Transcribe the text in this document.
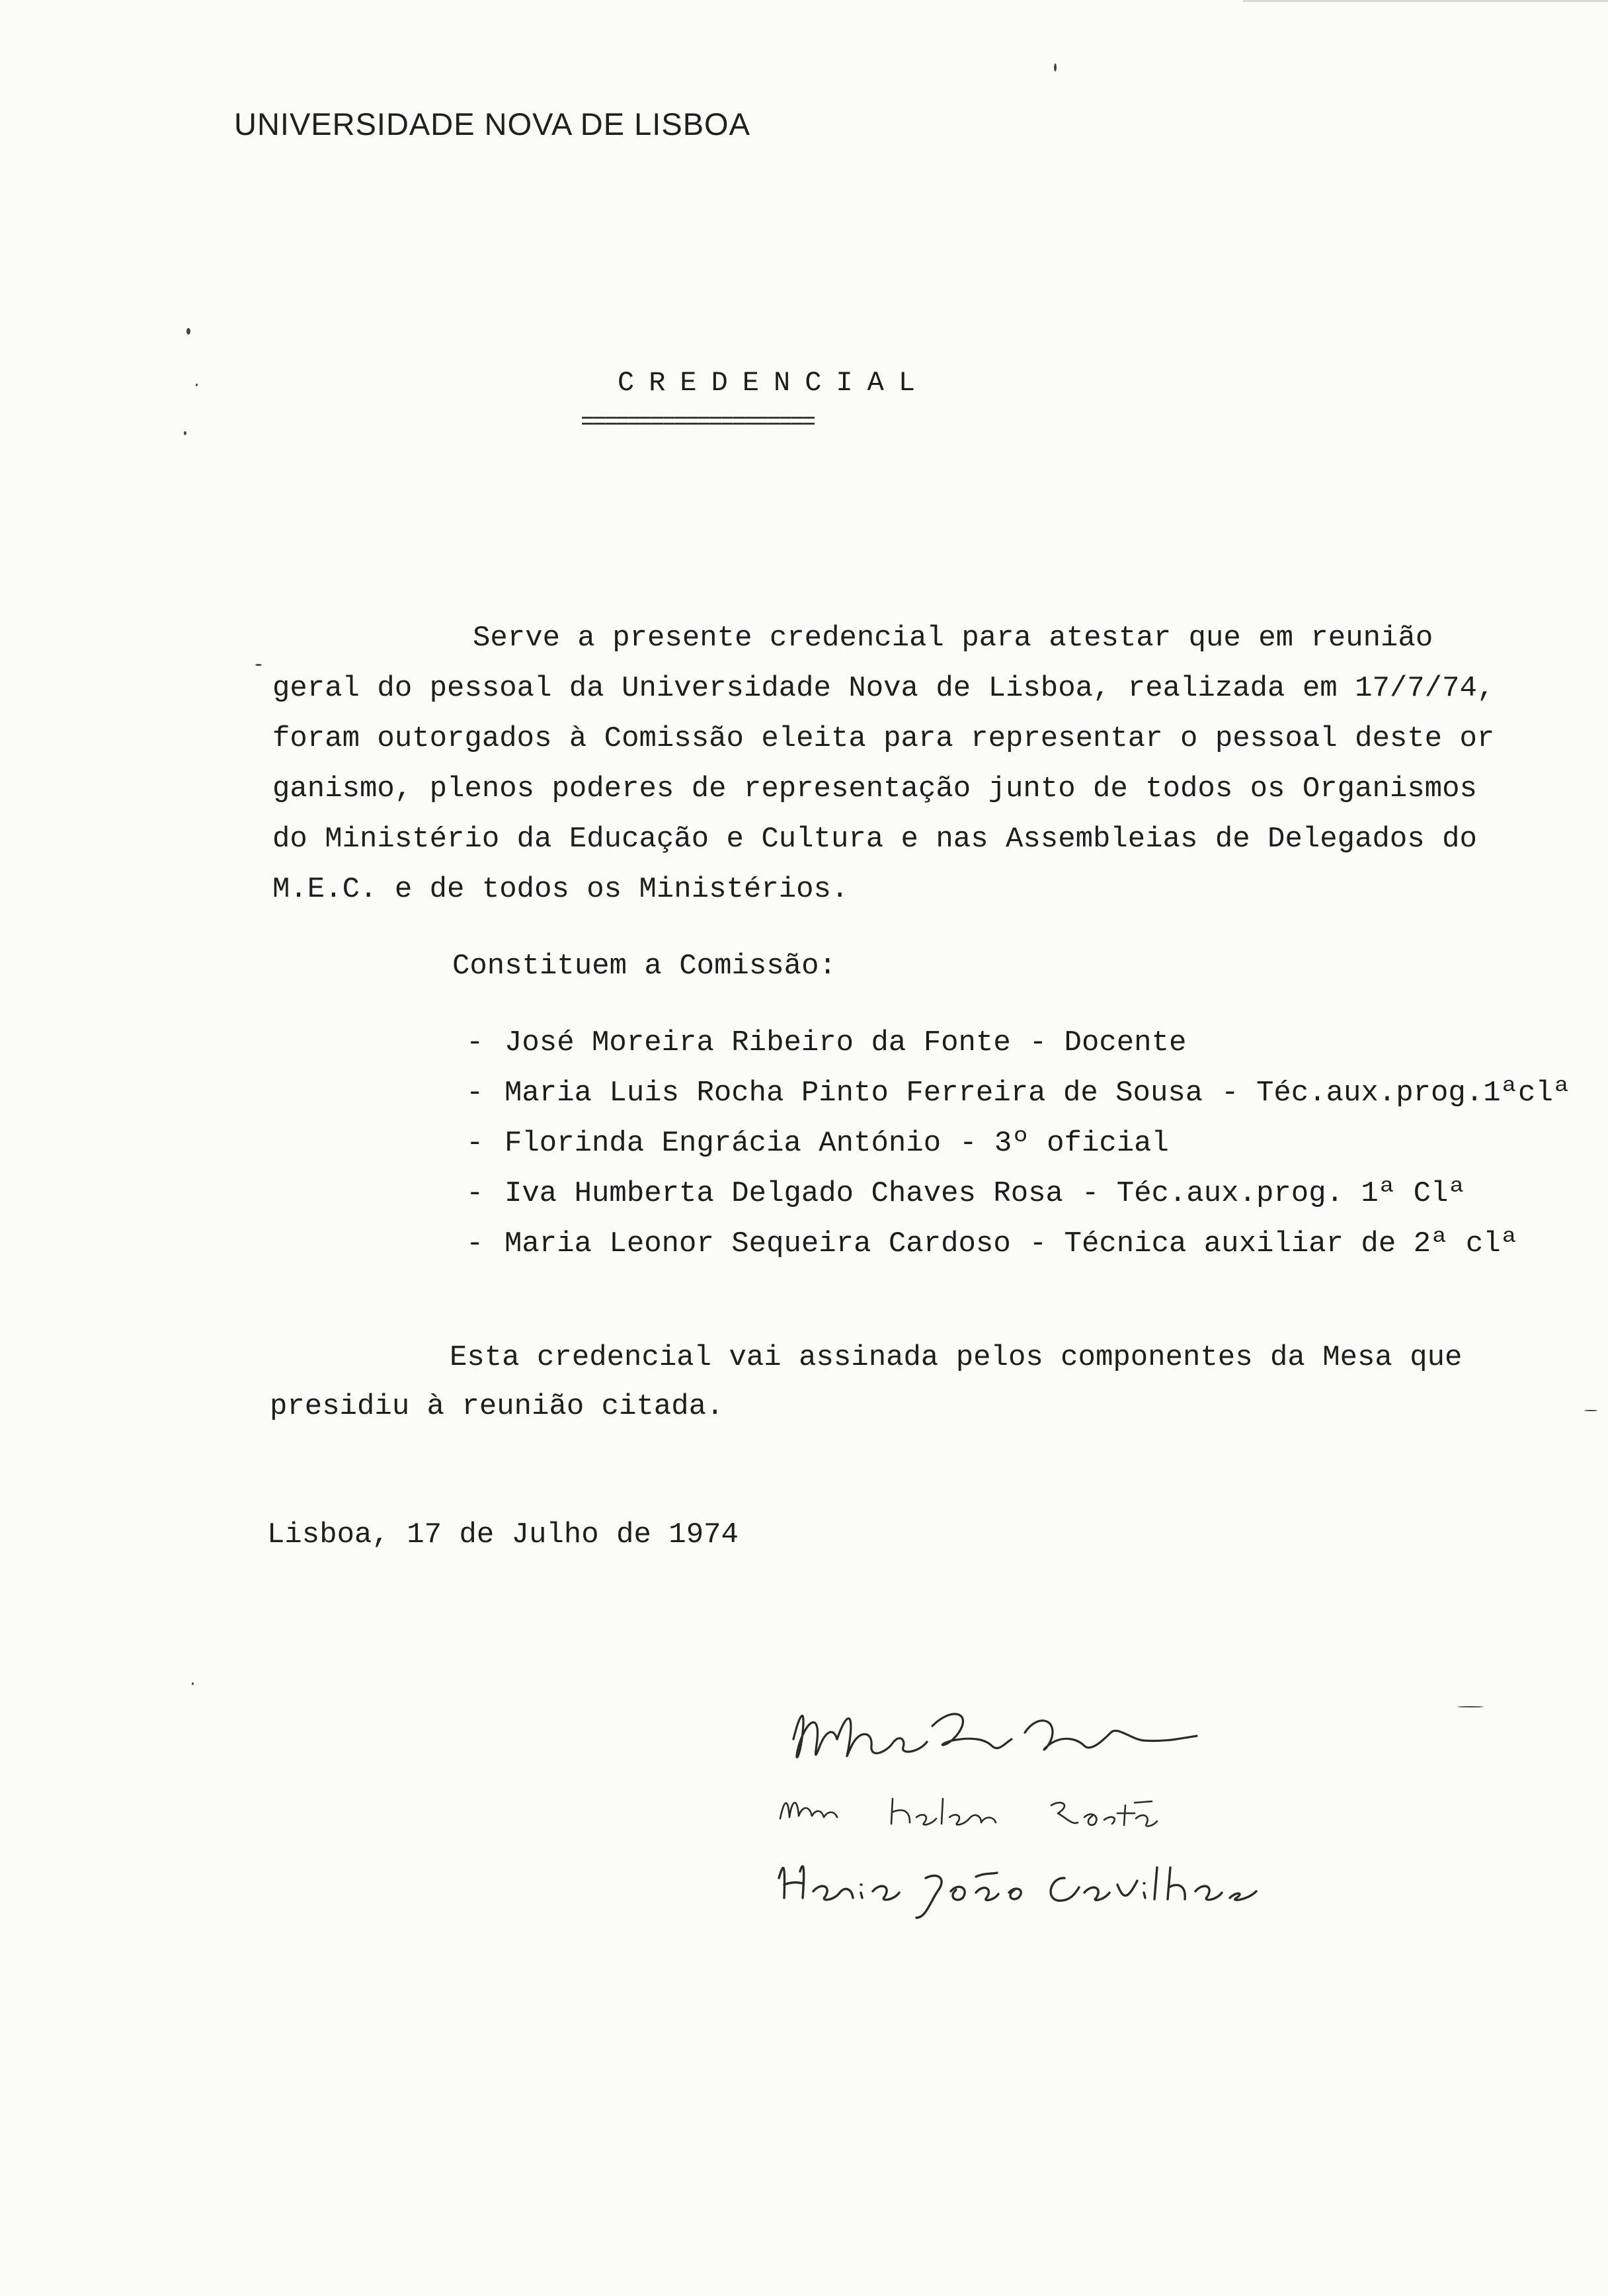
UNIVERSIDADE NOVA DE LISBOA
CREDENCIAL
====================
Serve a presente credencial para atestar que em reunião
geral do pessoal da Universidade Nova de Lisboa, realizada em 17/7/74,
foram outorgados à Comissão eleita para representar o pessoal deste or
ganismo, plenos poderes de representação junto de todos os Organismos
do Ministério da Educação e Cultura e nas Assembleias de Delegados do
M.E.C. e de todos os Ministérios.
Constituem a Comissão:
- José Moreira Ribeiro da Fonte - Docente
- Maria Luis Rocha Pinto Ferreira de Sousa - Téc.aux.prog.1ªclª
- Florinda Engrácia António - 3º oficial
- Iva Humberta Delgado Chaves Rosa - Téc.aux.prog. 1ª Clª
- Maria Leonor Sequeira Cardoso - Técnica auxiliar de 2ª clª
Esta credencial vai assinada pelos componentes da Mesa que
presidiu à reunião citada.
Lisboa, 17 de Julho de 1974
